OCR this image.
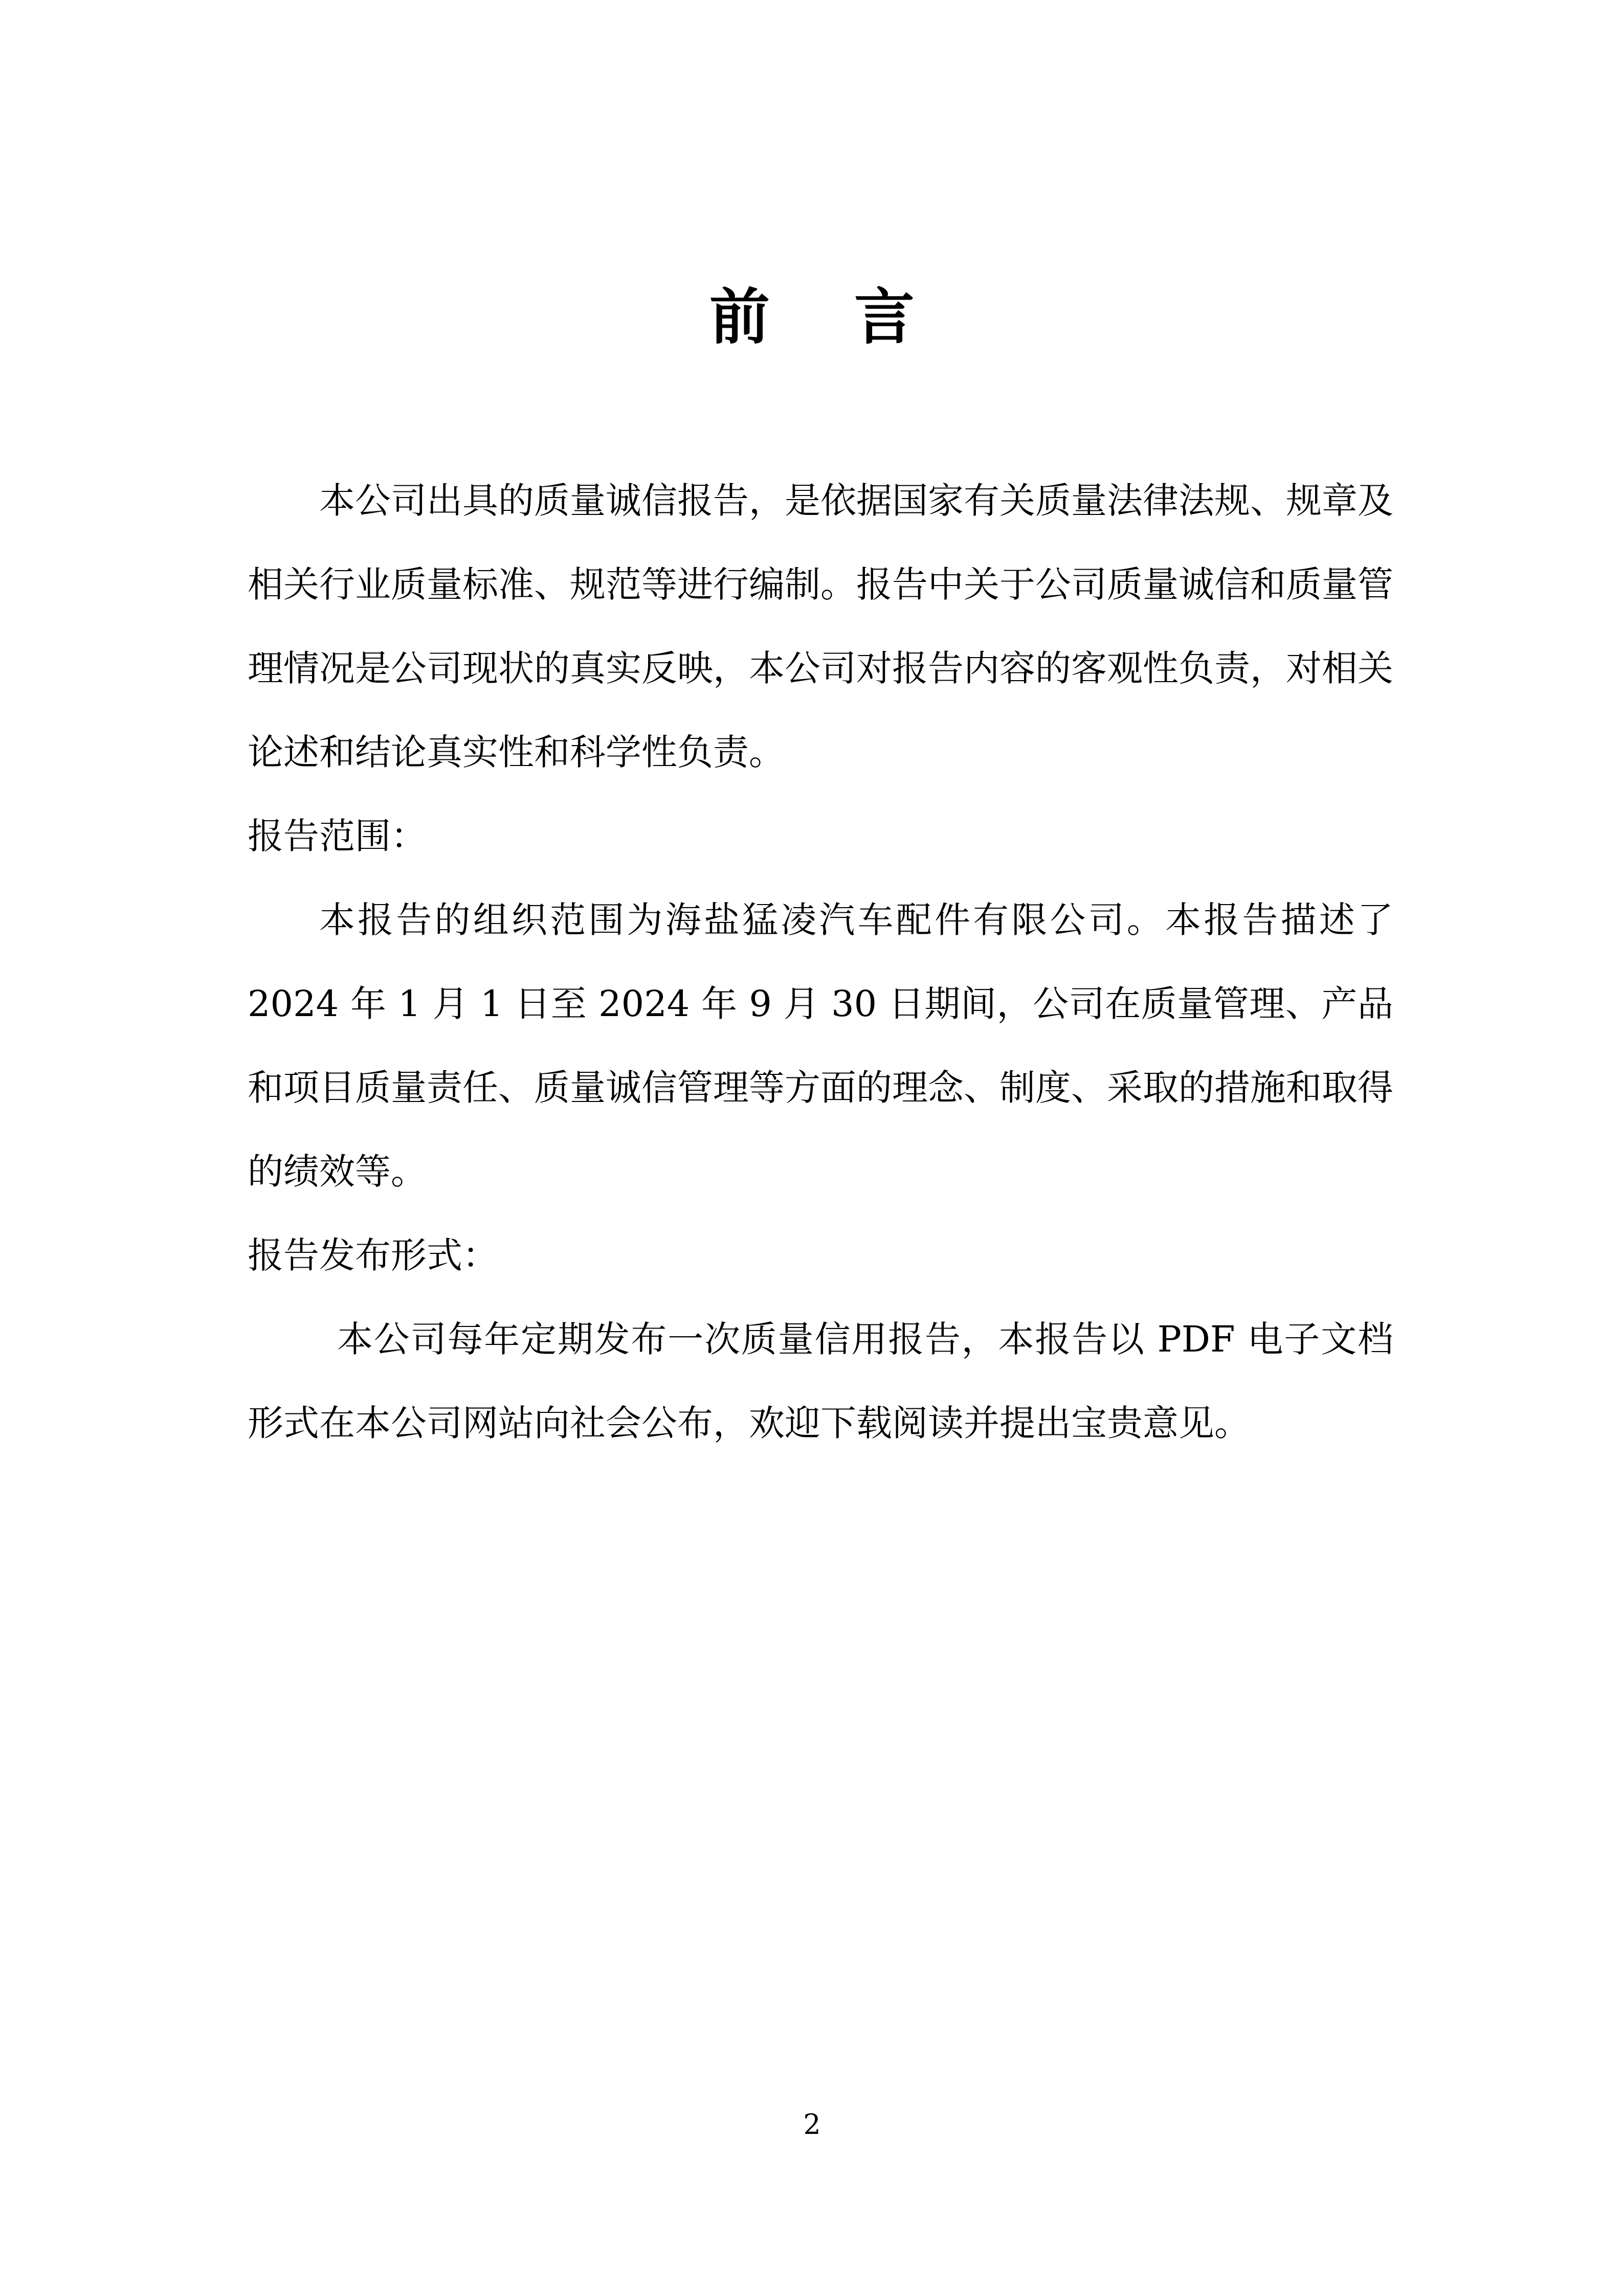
前言

本公司出具的质量诚信报告，是依据国家有关质量法律法规、规章及相关行业质量标准、规范等进行编制。报告中关于公司质量诚信和质量管理情况是公司现状的真实反映，本公司对报告内容的客观性负责，对相关论述和结论真实性和科学性负责。

报告范围：

本报告的组织范围为海盐猛凌汽车配件有限公司。本报告描述了2024 年 1 月 1 日至 2024 年 9 月 30 日期间，公司在质量管理、产品和项目质量责任、质量诚信管理等方面的理念、制度、采取的措施和取得的绩效等。

报告发布形式：

本公司每年定期发布一次质量信用报告，本报告以 PDF 电子文档形式在本公司网站向社会公布，欢迎下载阅读并提出宝贵意见。

2
